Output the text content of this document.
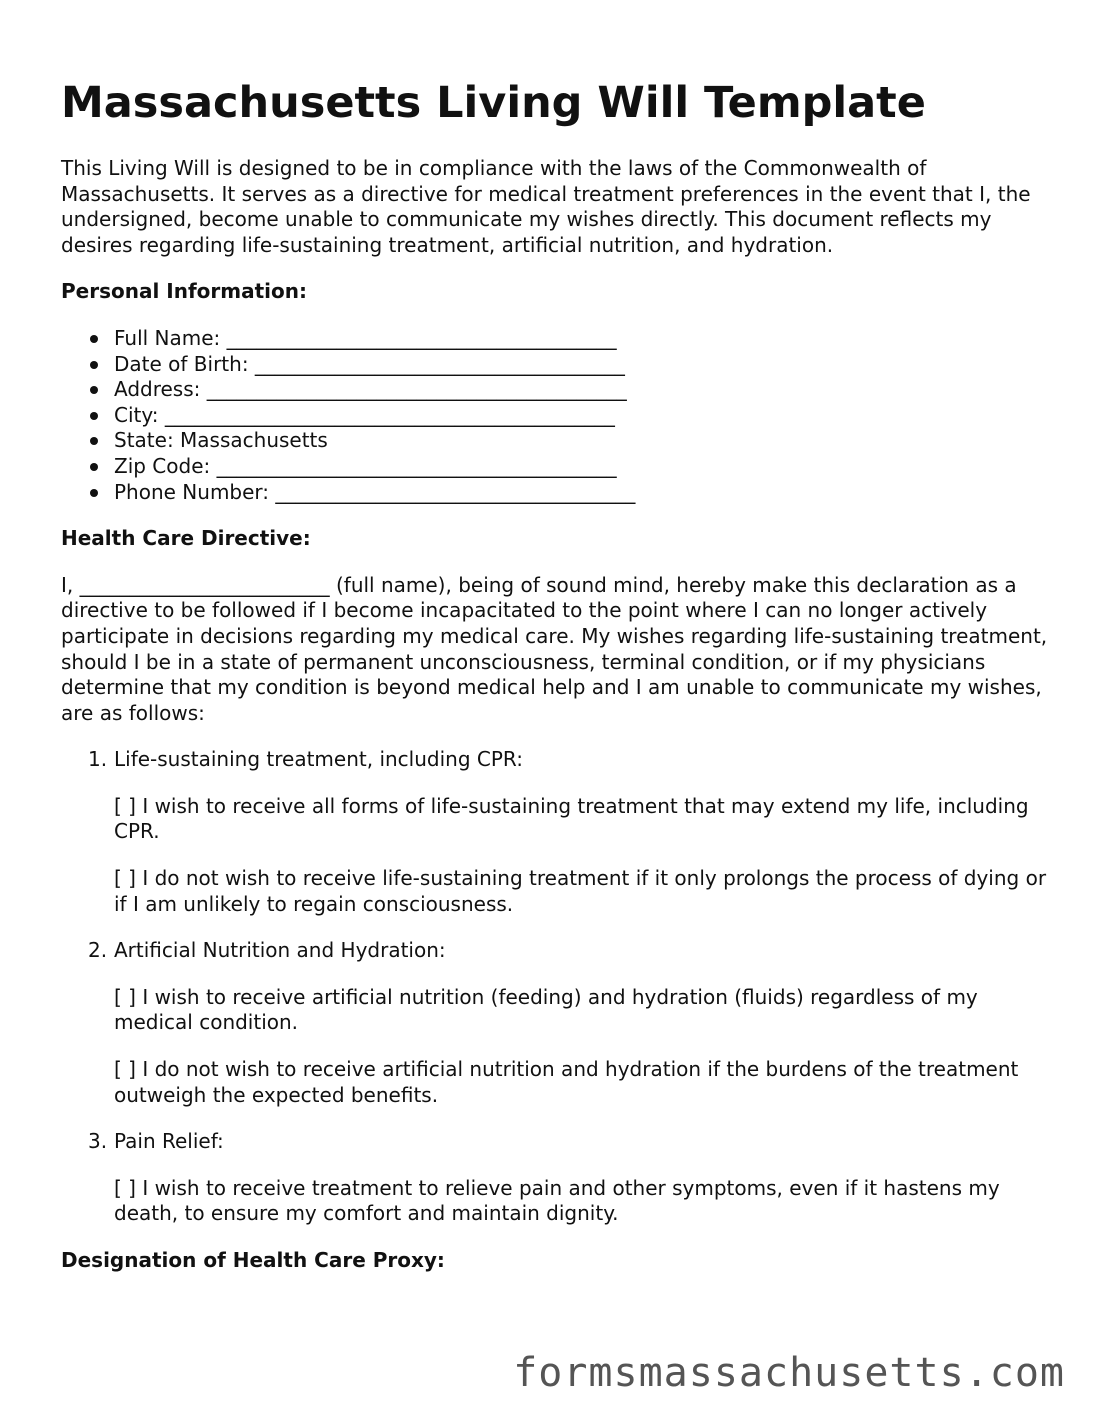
Massachusetts Living Will Template

This Living Will is designed to be in compliance with the laws of the Commonwealth of Massachusetts. It serves as a directive for medical treatment preferences in the event that I, the undersigned, become unable to communicate my wishes directly. This document reflects my desires regarding life-sustaining treatment, artificial nutrition, and hydration.

Personal Information:
Full Name: _______________________________________
Date of Birth: _____________________________________
Address: __________________________________________
City: _____________________________________________
State: Massachusetts
Zip Code: ________________________________________
Phone Number: ____________________________________
Health Care Directive:

I, _________________________ (full name), being of sound mind, hereby make this declaration as a directive to be followed if I become incapacitated to the point where I can no longer actively participate in decisions regarding my medical care. My wishes regarding life-sustaining treatment, should I be in a state of permanent unconsciousness, terminal condition, or if my physicians determine that my condition is beyond medical help and I am unable to communicate my wishes, are as follows:

1. Life-sustaining treatment, including CPR:
[ ] I wish to receive all forms of life-sustaining treatment that may extend my life, including CPR.
[ ] I do not wish to receive life-sustaining treatment if it only prolongs the process of dying or if I am unlikely to regain consciousness.
2. Artificial Nutrition and Hydration:
[ ] I wish to receive artificial nutrition (feeding) and hydration (fluids) regardless of my medical condition.
[ ] I do not wish to receive artificial nutrition and hydration if the burdens of the treatment outweigh the expected benefits.
3. Pain Relief:
[ ] I wish to receive treatment to relieve pain and other symptoms, even if it hastens my death, to ensure my comfort and maintain dignity.
Designation of Health Care Proxy:
formsmassachusetts.com
